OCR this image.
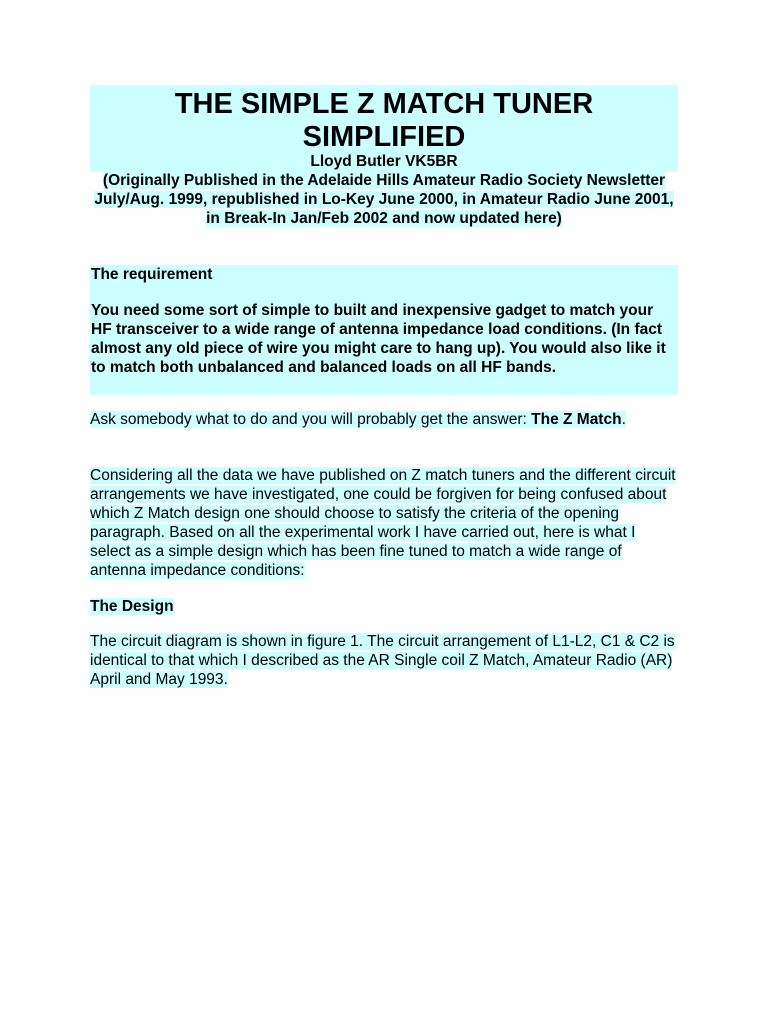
THE SIMPLE Z MATCH TUNER SIMPLIFIED

Lloyd Butler VK5BR

(Originally Published in the Adelaide Hills Amateur Radio Society Newsletter July/Aug. 1999, republished in Lo-Key June 2000, in Amateur Radio June 2001, in Break-In Jan/Feb 2002 and now updated here)

The requirement

You need some sort of simple to built and inexpensive gadget to match your HF transceiver to a wide range of antenna impedance load conditions. (In fact almost any old piece of wire you might care to hang up). You would also like it to match both unbalanced and balanced loads on all HF bands.

Ask somebody what to do and you will probably get the answer: The Z Match.

Considering all the data we have published on Z match tuners and the different circuit arrangements we have investigated, one could be forgiven for being confused about which Z Match design one should choose to satisfy the criteria of the opening paragraph. Based on all the experimental work I have carried out, here is what I select as a simple design which has been fine tuned to match a wide range of antenna impedance conditions:

The Design

The circuit diagram is shown in figure 1. The circuit arrangement of L1-L2, C1 & C2 is identical to that which I described as the AR Single coil Z Match, Amateur Radio (AR) April and May 1993.
